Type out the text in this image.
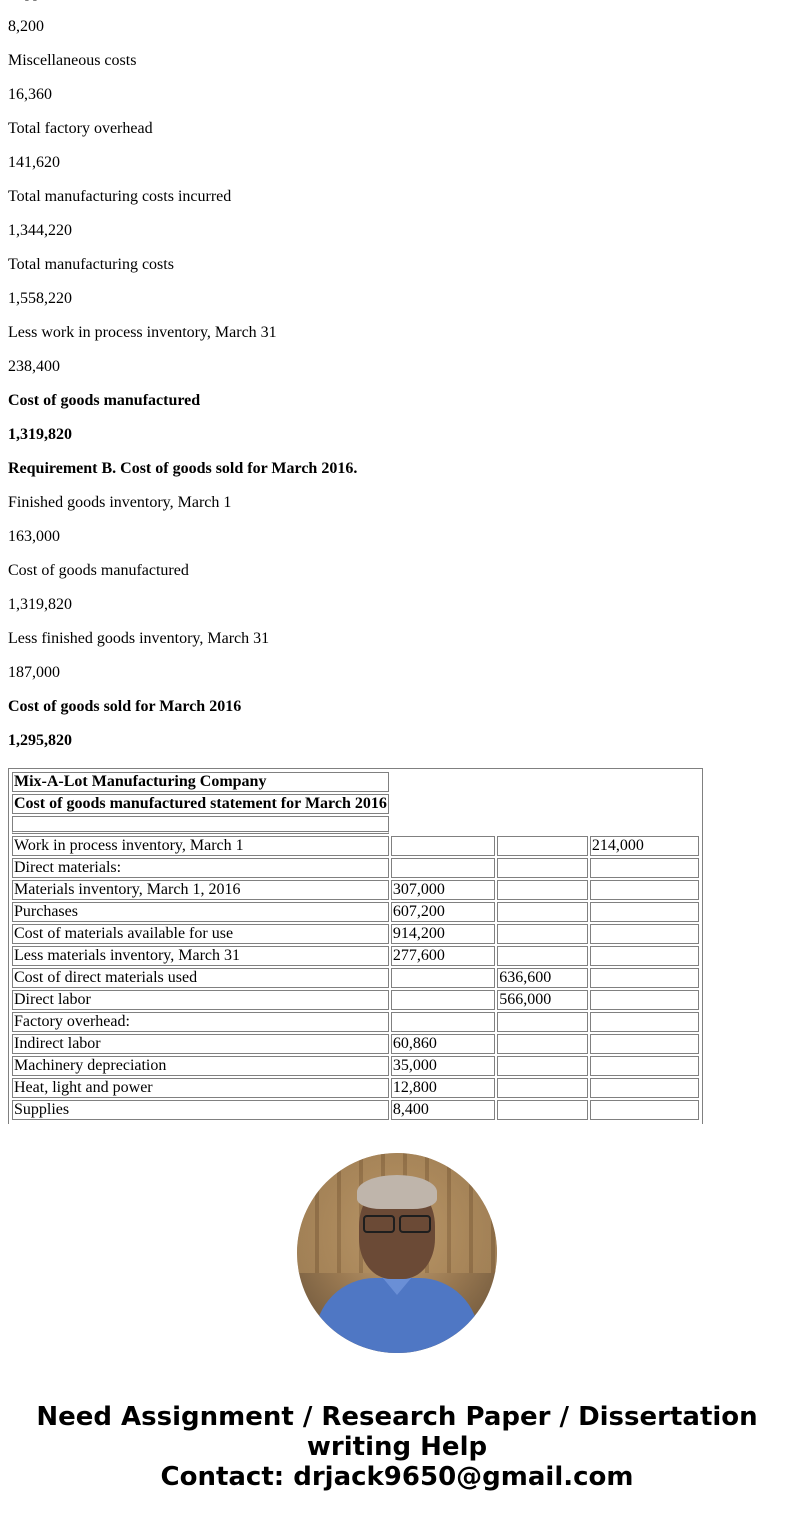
8,200

Miscellaneous costs

16,360

Total factory overhead

141,620

Total manufacturing costs incurred

1,344,220

Total manufacturing costs

1,558,220

Less work in process inventory, March 31

238,400

Cost of goods manufactured

1,319,820

Requirement B. Cost of goods sold for March 2016.

Finished goods inventory, March 1

163,000

Cost of goods manufactured

1,319,820

Less finished goods inventory, March 31

187,000

Cost of goods sold for March 2016

1,295,820

Mix-A-Lot Manufacturing Company			
Cost of goods manufactured statement for March 2016			

Work in process inventory, March 1			214,000
Direct materials:			
Materials inventory, March 1, 2016	307,000		
Purchases	607,200		
Cost of materials available for use	914,200		
Less materials inventory, March 31	277,600		
Cost of direct materials used		636,600	
Direct labor		566,000	
Factory overhead:			
Indirect labor	60,860		
Machinery depreciation	35,000		
Heat, light and power	12,800		
Supplies	8,400		
Need Assignment / Research Paper / Dissertation
writing Help
Contact: drjack9650@gmail.com
